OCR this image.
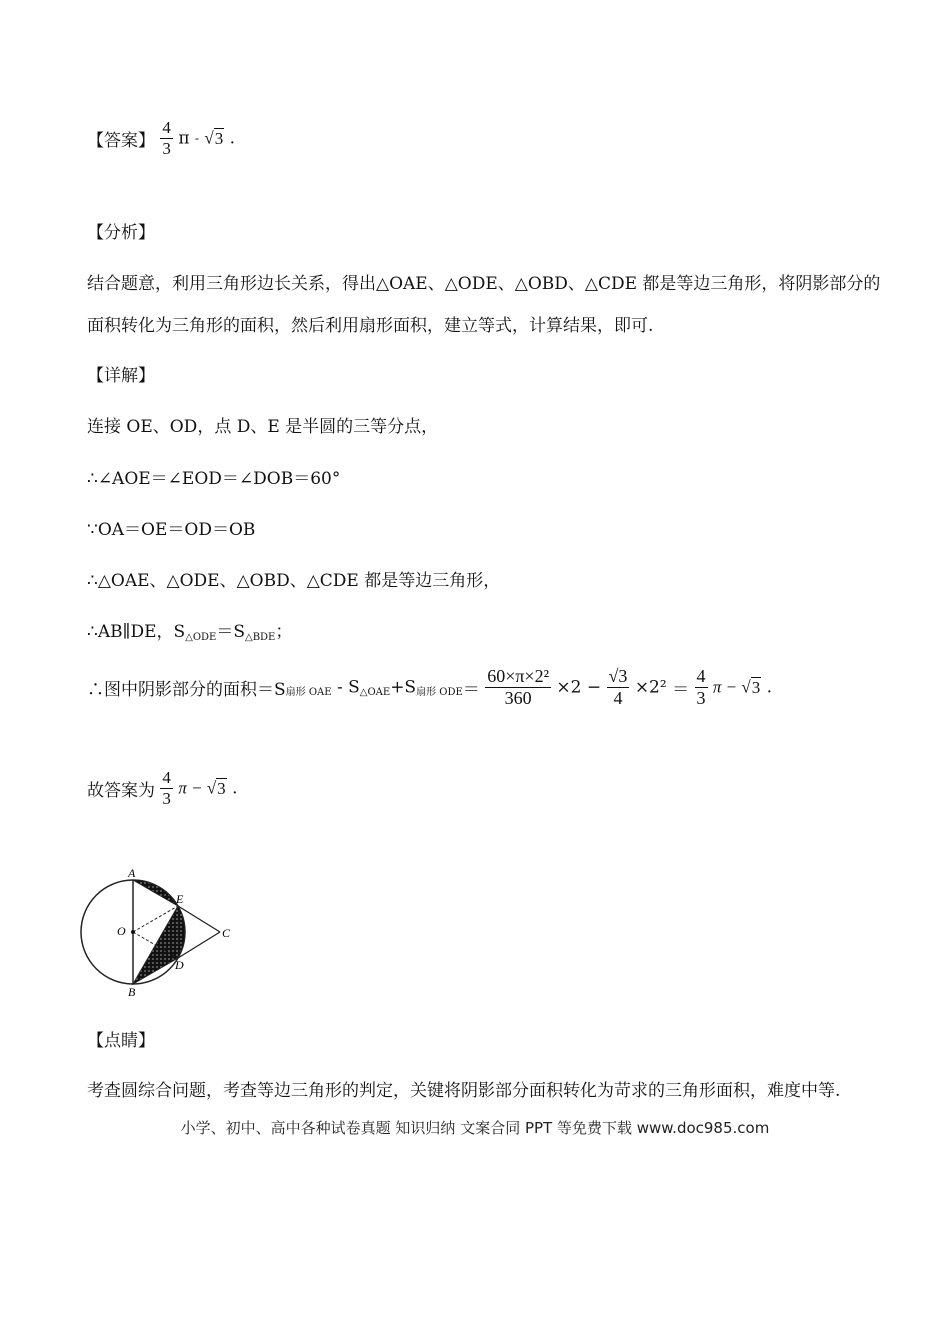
【答案】 $\frac{4}{3}$ π - √3 .
【分析】
结合题意，利用三角形边长关系，得出△OAE、△ODE、△OBD、△CDE 都是等边三角形，将阴影部分的
面积转化为三角形的面积，然后利用扇形面积，建立等式，计算结果，即可.
【详解】
连接 OE、OD，点 D、E 是半圆的三等分点，
∴∠AOE＝∠EOD＝∠DOB＝60°
∵OA＝OE＝OD＝OB
∴△OAE、△ODE、△OBD、△CDE 都是等边三角形，
∴AB∥DE，$S_{\triangle ODE}=S_{\triangle BDE}$；
∴图中阴影部分的面积$=S_{扇形 OAE} - S_{\triangle OAE}+S_{扇形 ODE}= \frac{\text{60×π×2²}}{360} \times 2 - \frac{√3}{4} \times 2^2 = \frac{4}{3}$ π − √3 .
故答案为 $\frac{4}{3}$ π − √3 .
A
E
O	C
D
B
【点睛】
考查圆综合问题，考查等边三角形的判定，关键将阴影部分面积转化为苛求的三角形面积，难度中等.
小学、初中、高中各种试卷真题 知识归纳 文案合同 PPT 等免费下载 www.doc985.com
